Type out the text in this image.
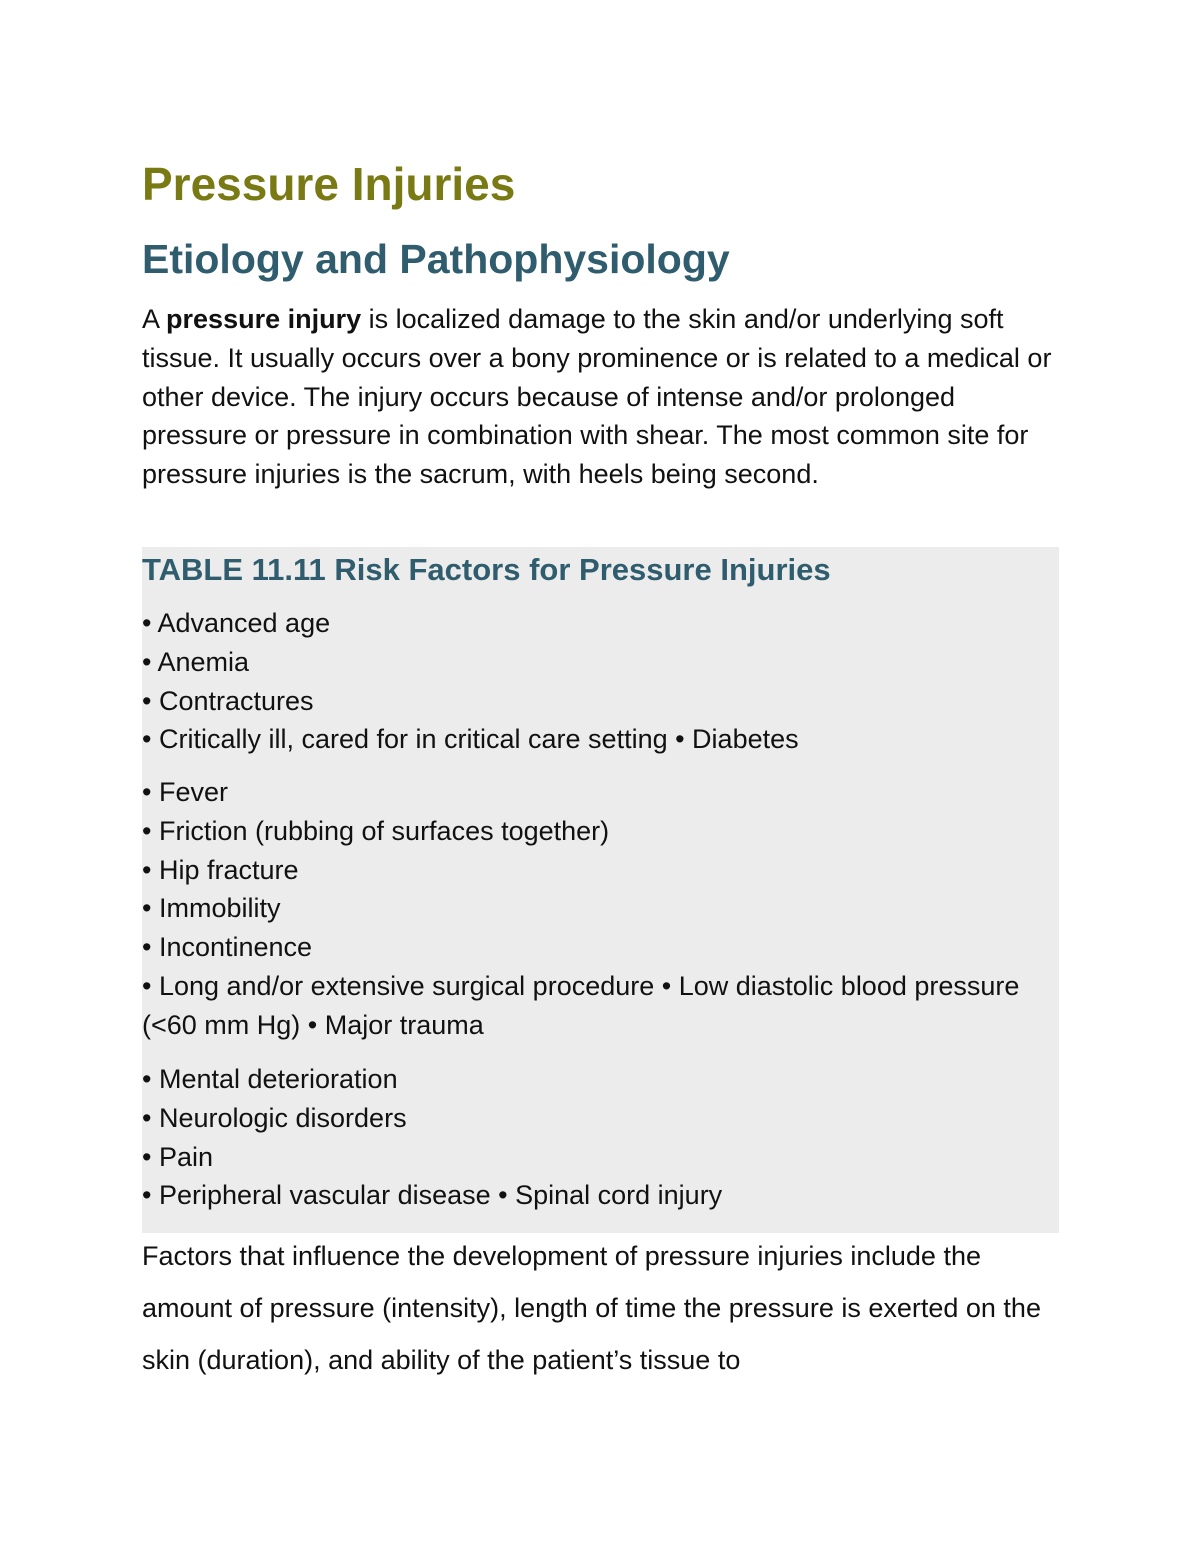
Pressure Injuries
Etiology and Pathophysiology

A pressure injury is localized damage to the skin and/or underlying soft tissue. It usually occurs over a bony prominence or is related to a medical or other device. The injury occurs because of intense and/or prolonged pressure or pressure in combination with shear. The most common site for pressure injuries is the sacrum, with heels being second.

TABLE 11.11 Risk Factors for Pressure Injuries
• Advanced age
• Anemia
• Contractures
• Critically ill, cared for in critical care setting • Diabetes
• Fever
• Friction (rubbing of surfaces together)
• Hip fracture
• Immobility
• Incontinence
• Long and/or extensive surgical procedure • Low diastolic blood pressure (<60 mm Hg) • Major trauma
• Mental deterioration
• Neurologic disorders
• Pain
• Peripheral vascular disease • Spinal cord injury

Factors that influence the development of pressure injuries include the amount of pressure (intensity), length of time the pressure is exerted on the skin (duration), and ability of the patient’s tissue to
